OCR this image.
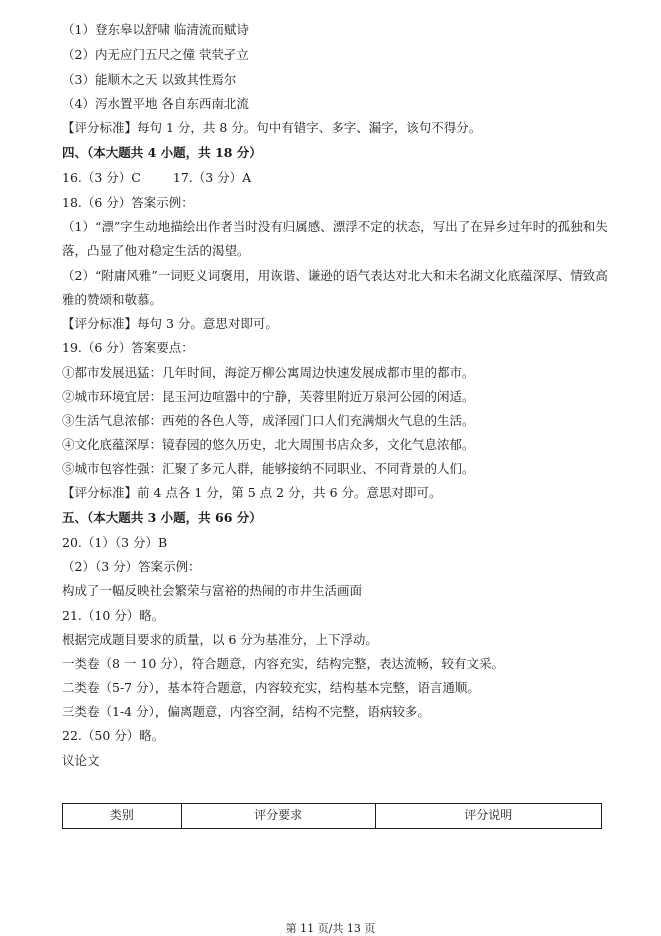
（1）登东皋以舒啸 临清流而赋诗
（2）内无应门五尺之僮 茕茕孑立
（3）能顺木之天 以致其性焉尔
（4）泻水置平地 各自东西南北流
【评分标准】每句 1 分，共 8 分。句中有错字、多字、漏字，该句不得分。
四、（本大题共 4 小题，共 18 分）
16.（3 分）C	17.（3 分）A
18.（6 分）答案示例：
（1）“漂”字生动地描绘出作者当时没有归属感、漂浮不定的状态，写出了在异乡过年时的孤独和失
落，凸显了他对稳定生活的渴望。
（2）“附庸风雅”一词贬义词褒用，用诙谐、谦逊的语气表达对北大和未名湖文化底蕴深厚、情致高
雅的赞颂和敬慕。
【评分标准】每句 3 分。意思对即可。
19.（6 分）答案要点：
①都市发展迅猛：几年时间，海淀万柳公寓周边快速发展成都市里的都市。
②城市环境宜居：昆玉河边喧嚣中的宁静，芙蓉里附近万泉河公园的闲适。
③生活气息浓郁：西苑的各色人等，成泽园门口人们充满烟火气息的生活。
④文化底蕴深厚：镜春园的悠久历史，北大周围书店众多，文化气息浓郁。
⑤城市包容性强：汇聚了多元人群，能够接纳不同职业、不同背景的人们。
【评分标准】前 4 点各 1 分，第 5 点 2 分，共 6 分。意思对即可。
五、（本大题共 3 小题，共 66 分）
20.（1）（3 分）B
（2）（3 分）答案示例：
构成了一幅反映社会繁荣与富裕的热闹的市井生活画面
21.（10 分）略。
根据完成题目要求的质量，以 6 分为基准分，上下浮动。
一类卷（8 一 10 分），符合题意，内容充实，结构完整，表达流畅，较有文采。
二类卷（5-7 分），基本符合题意，内容较充实，结构基本完整，语言通顺。
三类卷（1-4 分），偏离题意，内容空洞，结构不完整，语病较多。
22.（50 分）略。
议论文
类别	评分要求	评分说明
第 11 页/共 13 页
